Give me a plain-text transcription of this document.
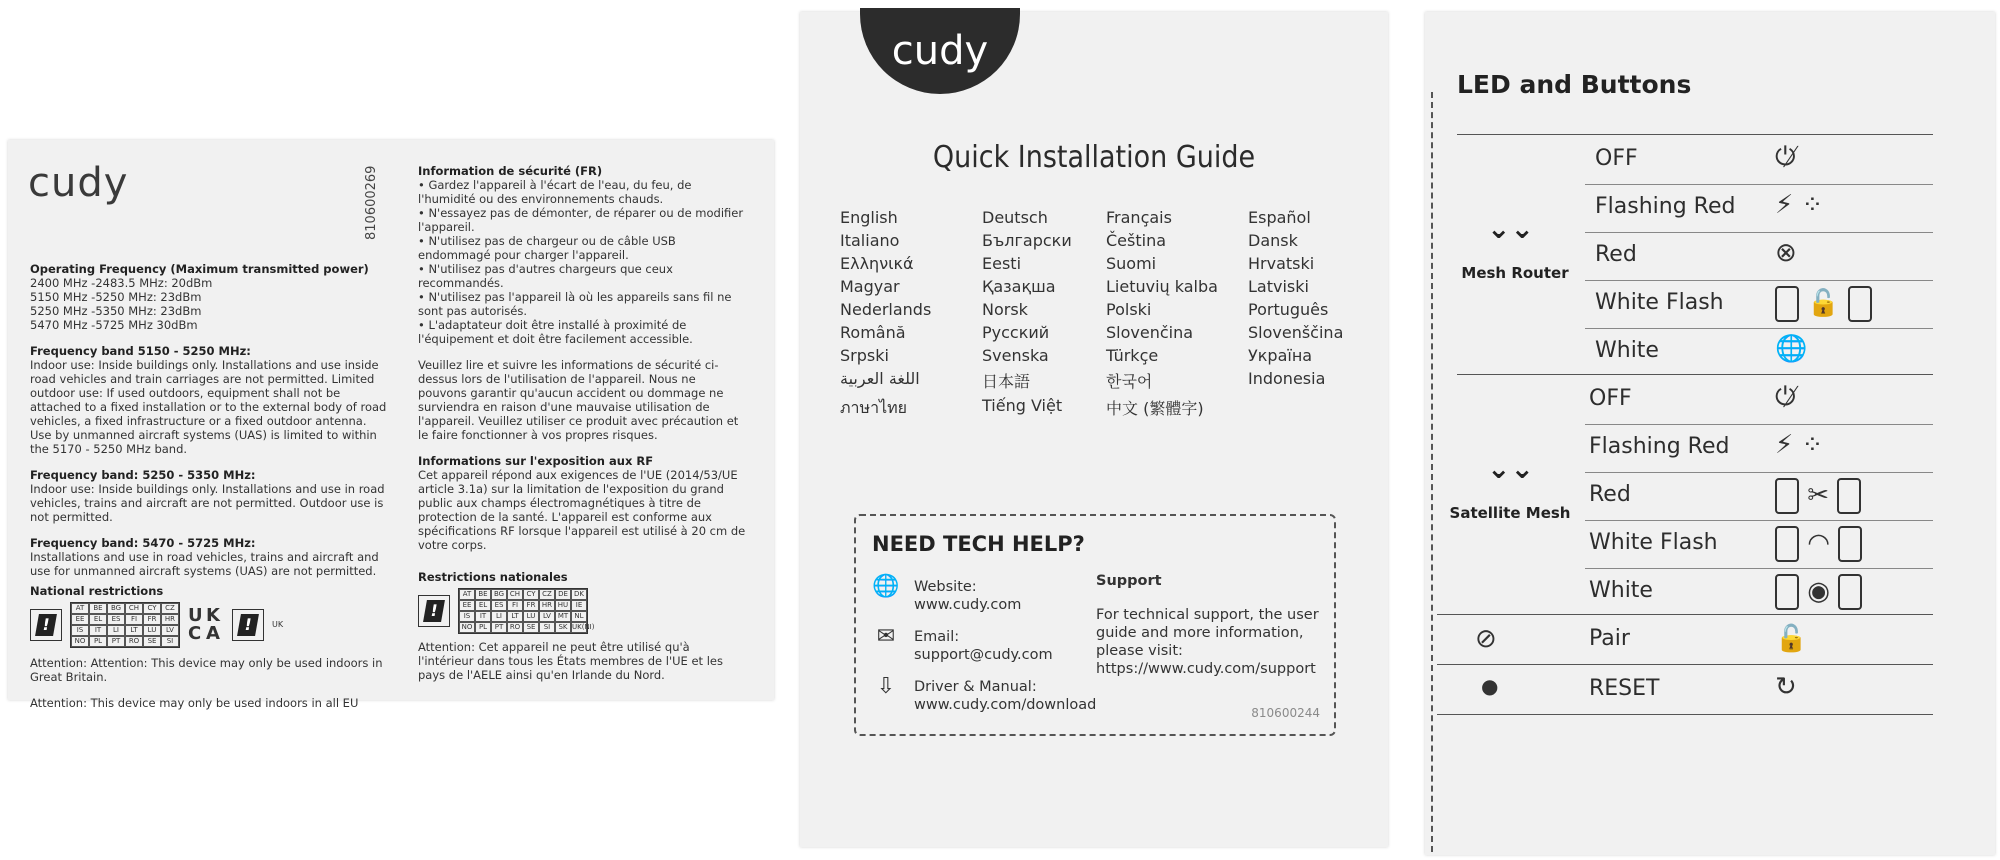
cudy	810600269

Operating Frequency (Maximum transmitted power)

2400 MHz -2483.5 MHz: 20dBm

5150 MHz -5250 MHz: 23dBm

5250 MHz -5350 MHz: 23dBm

5470 MHz -5725 MHz 30dBm

Frequency band 5150 - 5250 MHz:

Indoor use: Inside buildings only. Installations and use inside road vehicles and train carriages are not permitted. Limited outdoor use: If used outdoors, equipment shall not be attached to a fixed installation or to the external body of road vehicles, a fixed infrastructure or a fixed outdoor antenna. Use by unmanned aircraft systems (UAS) is limited to within the 5170 - 5250 MHz band.

Frequency band: 5250 - 5350 MHz:

Indoor use: Inside buildings only. Installations and use in road vehicles, trains and aircraft are not permitted. Outdoor use is not permitted.

Frequency band: 5470 - 5725 MHz:

Installations and use in road vehicles, trains and aircraft and use for unmanned aircraft systems (UAS) are not permitted.

National restrictions

!
AT	BE	BG	CH	CY	CZ
EE	EL	ES	FI	FR	HR
IS	IT	LI	LT	LU	LV
NO	PL	PT	RO	SE	SI
U K
C A	!	UK

Attention: Attention: This device may only be used indoors in Great Britain.

Attention: This device may only be used indoors in all EU

Information de sécurité (FR)

• Gardez l'appareil à l'écart de l'eau, du feu, de l'humidité ou des environnements chauds.

• N'essayez pas de démonter, de réparer ou de modifier l'appareil.

• N'utilisez pas de chargeur ou de câble USB endommagé pour charger l'appareil.

• N'utilisez pas d'autres chargeurs que ceux recommandés.

• N'utilisez pas l'appareil là où les appareils sans fil ne sont pas autorisés.

• L'adaptateur doit être installé à proximité de l'équipement et doit être facilement accessible.

Veuillez lire et suivre les informations de sécurité ci-dessus lors de l'utilisation de l'appareil. Nous ne pouvons garantir qu'aucun accident ou dommage ne surviendra en raison d'une mauvaise utilisation de l'appareil. Veuillez utiliser ce produit avec précaution et le faire fonctionner à vos propres risques.

Informations sur l'exposition aux RF

Cet appareil répond aux exigences de l'UE (2014/53/UE article 3.1a) sur la limitation de l'exposition du grand public aux champs électromagnétiques à titre de protection de la santé. L'appareil est conforme aux spécifications RF lorsque l'appareil est utilisé à 20 cm de votre corps.

Restrictions nationales

!
AT	BE BG CH CY CZ DE DK
EE	EL	ES	FI	FR HR HU	IE
IS	IT	LI	LT	LU	LV MT NL
NO PL	PT RO SE	SI	SK UK(NI)

Attention: Cet appareil ne peut être utilisé qu'à l'intérieur dans tous les États membres de l'UE et les pays de l'AELE ainsi qu'en Irlande du Nord.

cudy
Quick Installation Guide
English	Deutsch	Français	Español
Italiano	Български	Čeština	Dansk
Ελληνικά	Eesti	Suomi	Hrvatski
Magyar	Қазақша	Lietuvių kalba	Latviski
Nederlands	Norsk	Polski	Português
Română	Русский	Slovenčina	Slovenščina
Srpski	Svenska	Türkçe	Україна
اللغة العربية	日本語	한국어	Indonesia
ภาษาไทย	Tiếng Việt	中文 (繁體字)
NEED TECH HELP?
🌐 Website:
www.cudy.com
✉	Email:
support@cudy.com
⇩	Driver & Manual:
www.cudy.com/download
Support
For technical support, the user guide and more information, please visit: https://www.cudy.com/support
810600244
LED and Buttons
⌄⌄
Mesh Router
⌄⌄
Satellite Mesh
OFF	⏻̸
Flashing Red ⚡ ⁘
Red	⊗
White Flash	🔓
White	🌐
OFF	⏻̸
Flashing Red ⚡ ⁘
Red	✂
White Flash	◠
White	◉
⊘	Pair	🔓
●	RESET	↻
